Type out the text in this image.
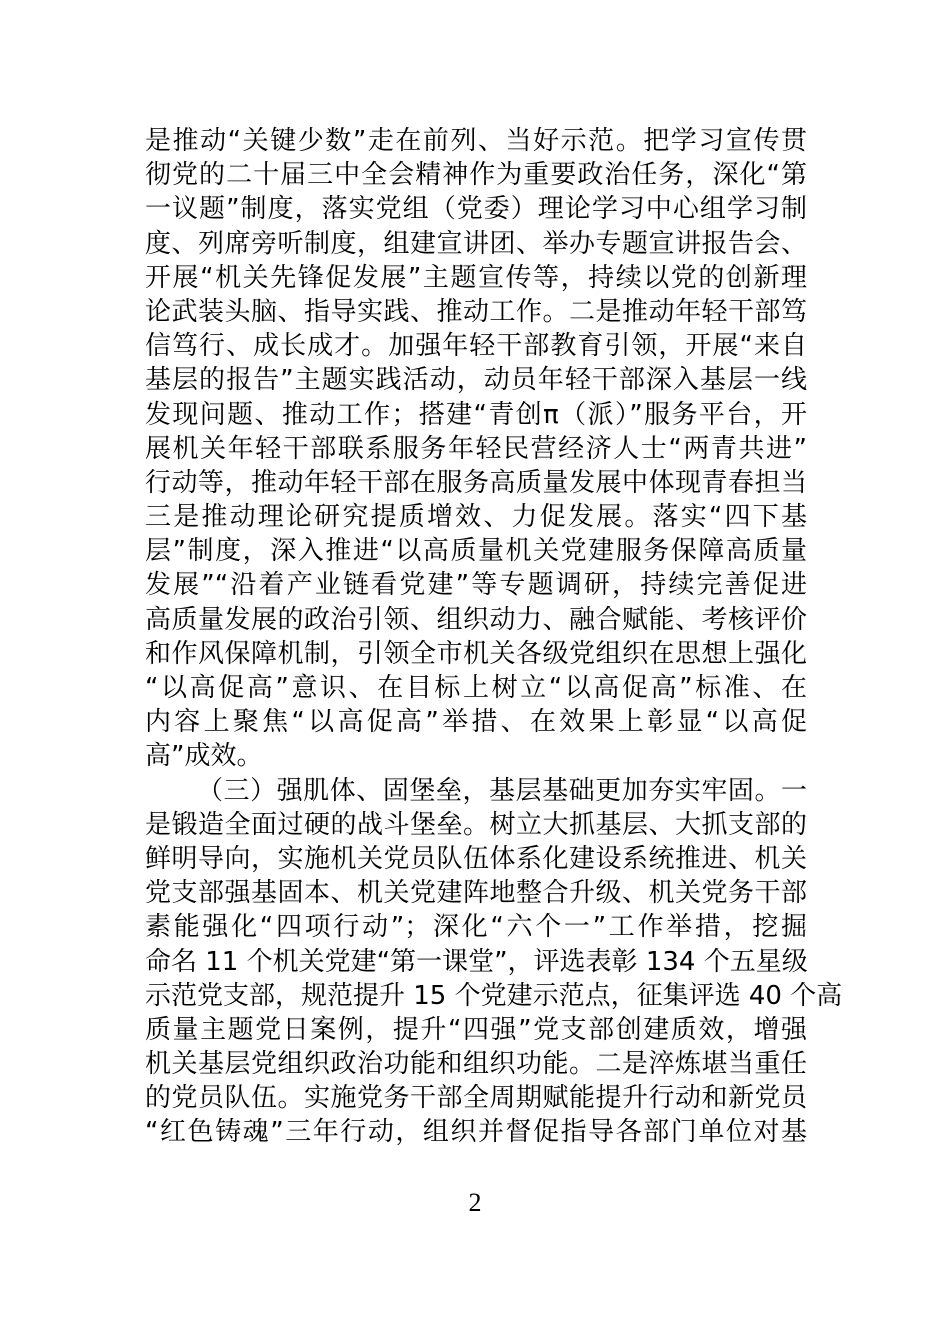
是推动“关键少数”走在前列、当好示范。把学习宣传贯
彻党的二十届三中全会精神作为重要政治任务，深化“第
一议题”制度，落实党组（党委）理论学习中心组学习制
度、列席旁听制度，组建宣讲团、举办专题宣讲报告会、
开展“机关先锋促发展”主题宣传等，持续以党的创新理
论武装头脑、指导实践、推动工作。二是推动年轻干部笃
信笃行、成长成才。加强年轻干部教育引领，开展“来自
基层的报告”主题实践活动，动员年轻干部深入基层一线
发现问题、推动工作；搭建“青创π（派）”服务平台，开
展机关年轻干部联系服务年轻民营经济人士“两青共进”
行动等，推动年轻干部在服务高质量发展中体现青春担当
三是推动理论研究提质增效、力促发展。落实“四下基
层”制度，深入推进“以高质量机关党建服务保障高质量
发展”“沿着产业链看党建”等专题调研，持续完善促进
高质量发展的政治引领、组织动力、融合赋能、考核评价
和作风保障机制，引领全市机关各级党组织在思想上强化
“以高促高”意识、在目标上树立“以高促高”标准、在
内容上聚焦“以高促高”举措、在效果上彰显“以高促
高”成效。
（三）强肌体、固堡垒，基层基础更加夯实牢固。一
是锻造全面过硬的战斗堡垒。树立大抓基层、大抓支部的
鲜明导向，实施机关党员队伍体系化建设系统推进、机关
党支部强基固本、机关党建阵地整合升级、机关党务干部
素能强化“四项行动”；深化“六个一”工作举措，挖掘
命名 11 个机关党建“第一课堂”，评选表彰 134 个五星级
示范党支部，规范提升 15 个党建示范点，征集评选 40 个高
质量主题党日案例，提升“四强”党支部创建质效，增强
机关基层党组织政治功能和组织功能。二是淬炼堪当重任
的党员队伍。实施党务干部全周期赋能提升行动和新党员
“红色铸魂”三年行动，组织并督促指导各部门单位对基
2
